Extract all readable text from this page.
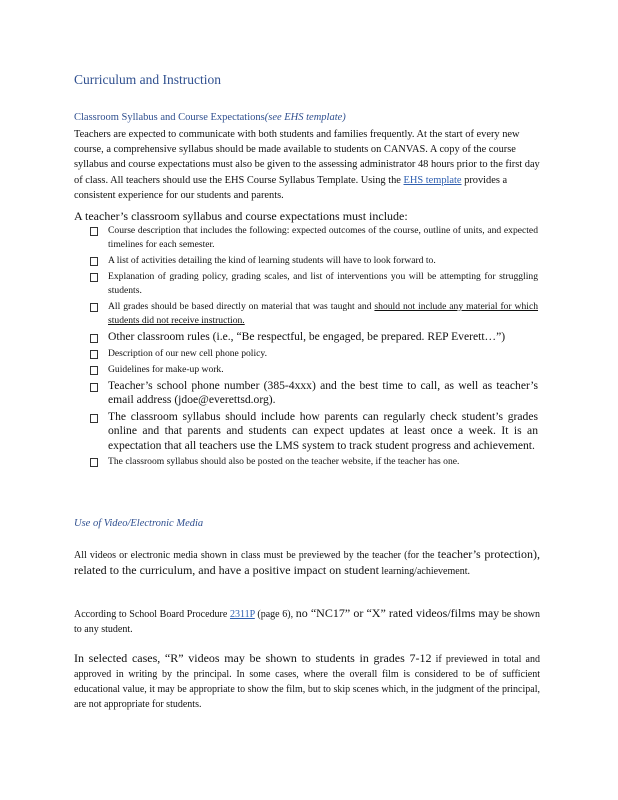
Curriculum and Instruction
Classroom Syllabus and Course Expectations(see EHS template)
Teachers are expected to communicate with both students and families frequently. At the start of every new course, a comprehensive syllabus should be made available to students on CANVAS. A copy of the course syllabus and course expectations must also be given to the assessing administrator 48 hours prior to the first day of class. All teachers should use the EHS Course Syllabus Template. Using the EHS template provides a consistent experience for our students and parents.
A teacher’s classroom syllabus and course expectations must include:
Course description that includes the following: expected outcomes of the course, outline of units, and expected timelines for each semester.
A list of activities detailing the kind of learning students will have to look forward to.
Explanation of grading policy, grading scales, and list of interventions you will be attempting for struggling students.
All grades should be based directly on material that was taught and should not include any material for which students did not receive instruction.
Other classroom rules (i.e., “Be respectful, be engaged, be prepared. REP Everett…”)
Description of our new cell phone policy.
Guidelines for make-up work.
Teacher’s school phone number (385-4xxx) and the best time to call, as well as teacher’s email address (jdoe@everettsd.org).
The classroom syllabus should include how parents can regularly check student’s grades online and that parents and students can expect updates at least once a week. It is an expectation that all teachers use the LMS system to track student progress and achievement.
The classroom syllabus should also be posted on the teacher website, if the teacher has one.
Use of Video/Electronic Media
All videos or electronic media shown in class must be previewed by the teacher (for the teacher’s protection), related to the curriculum, and have a positive impact on student learning/achievement.
According to School Board Procedure 2311P (page 6), no “NC17” or “X” rated videos/films may be shown to any student.
In selected cases, “R” videos may be shown to students in grades 7-12 if previewed in total and approved in writing by the principal. In some cases, where the overall film is considered to be of sufficient educational value, it may be appropriate to show the film, but to skip scenes which, in the judgment of the principal, are not appropriate for students.
